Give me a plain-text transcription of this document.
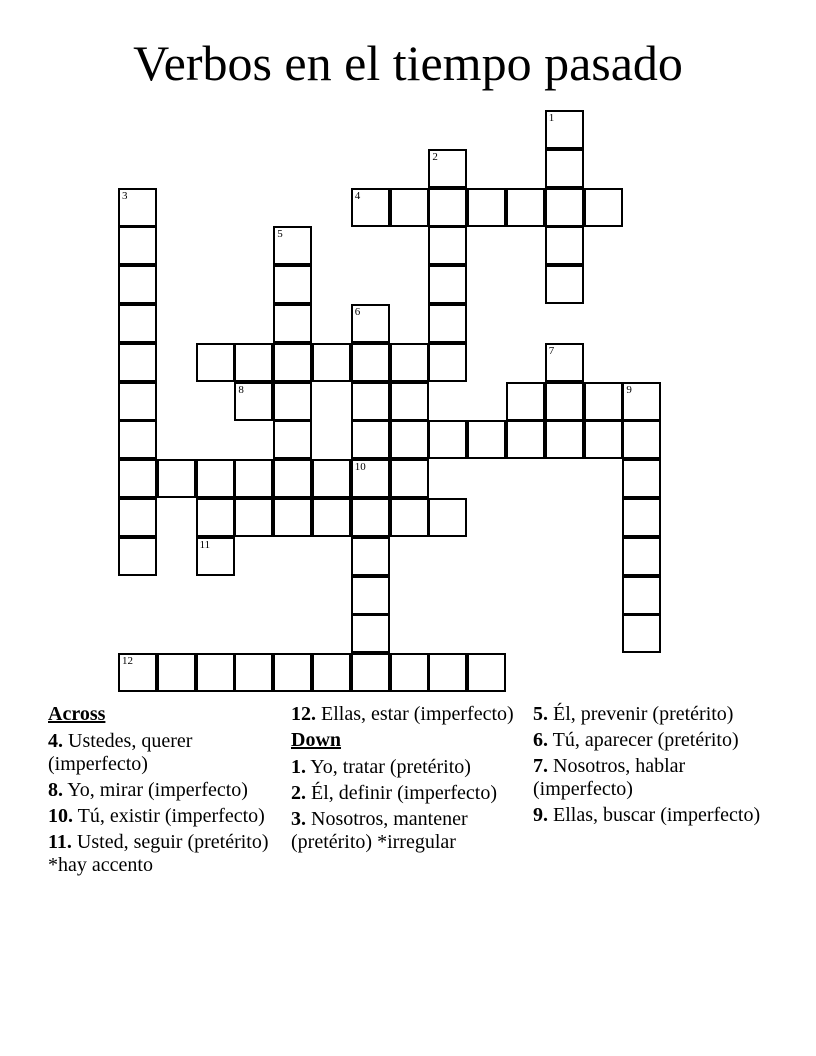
Verbos en el tiempo pasado
1
2
3	4
5
6
10
9
7
8
11
12
Across
4. Ustedes, querer (imperfecto)
8. Yo, mirar (imperfecto)
10. Tú, existir (imperfecto)
11. Usted, seguir (pretérito) *hay accento
12. Ellas, estar (imperfecto)
Down
1. Yo, tratar (pretérito)
2. Él, definir (imperfecto)
3. Nosotros, mantener (pretérito) *irregular
5. Él, prevenir (pretérito)
6. Tú, aparecer (pretérito)
7. Nosotros, hablar (imperfecto)
9. Ellas, buscar (imperfecto)
